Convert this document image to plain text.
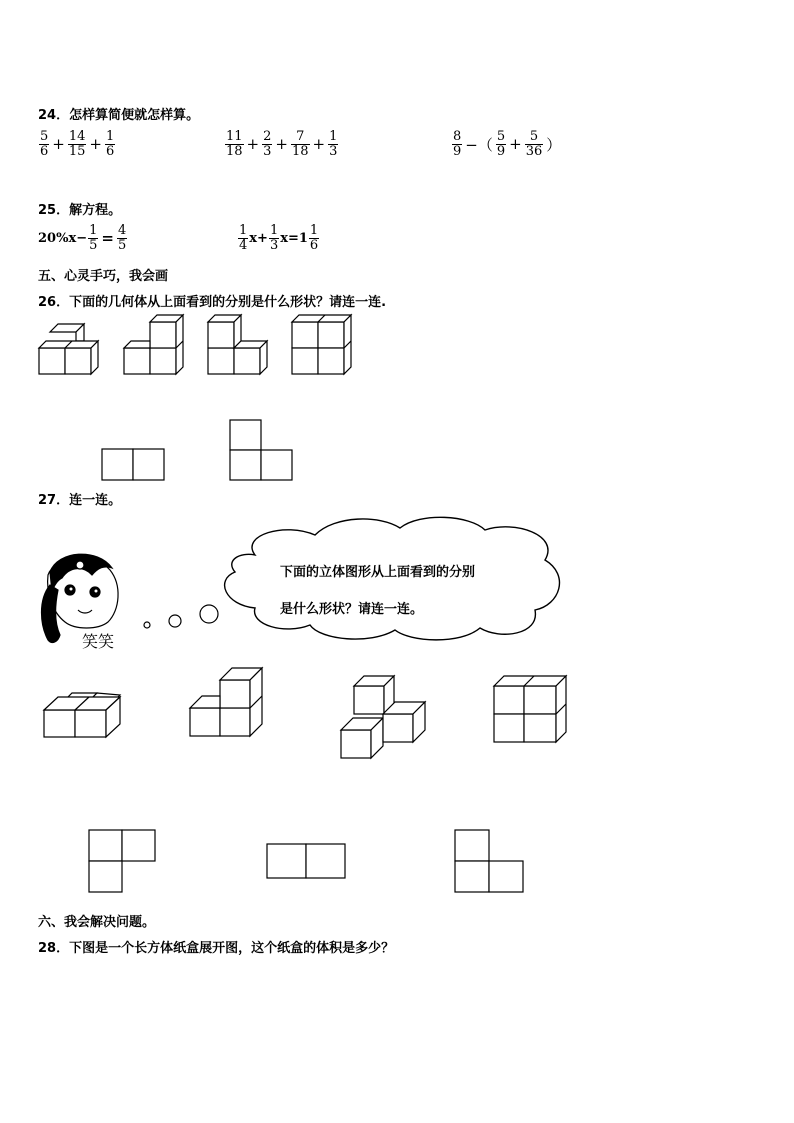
24．怎样算简便就怎样算。
$\frac{5}{6} + \frac{14}{15} + \frac{1}{6}$	$\frac{11}{18} + \frac{2}{3} + \frac{7}{18} + \frac{1}{3}$	$\frac{8}{9}$ −（ $\frac{5}{9} + \frac{5}{36}$ ）
25．解方程。
$20\%x- \frac{1}{5} = \frac{4}{5}$	$\frac{1}{4} x+ \frac{1}{3} x=1 \frac{1}{6}$
五、心灵手巧，我会画
26．下面的几何体从上面看到的分别是什么形状？请连一连.
27．连一连。
下面的立体图形从上面看到的分别
是什么形状？请连一连。
笑笑
六、我会解决问题。
28．下图是一个长方体纸盒展开图，这个纸盒的体积是多少？
